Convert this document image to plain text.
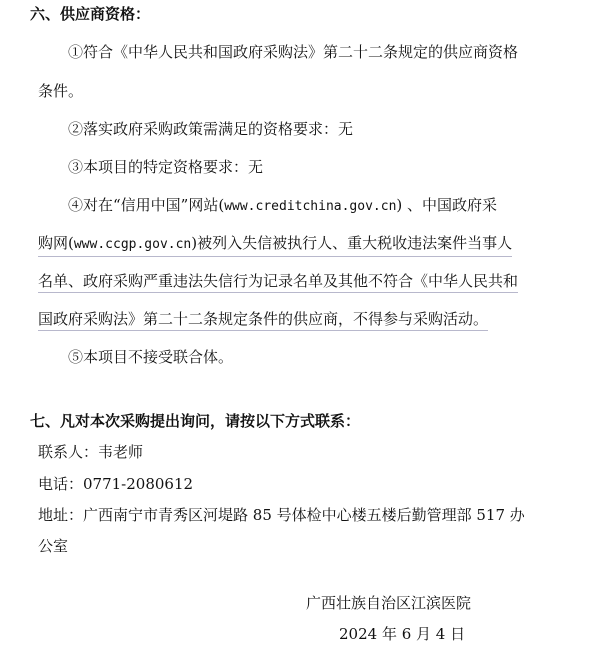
六、供应商资格：
①符合《中华人民共和国政府采购法》第二十二条规定的供应商资格
条件。
②落实政府采购政策需满足的资格要求：无
③本项目的特定资格要求：无
④对在“信用中国”网站(www.creditchina.gov.cn) 、中国政府采
购网(www.ccgp.gov.cn)被列入失信被执行人、重大税收违法案件当事人
名单、政府采购严重违法失信行为记录名单及其他不符合《中华人民共和
国政府采购法》第二十二条规定条件的供应商，不得参与采购活动。
⑤本项目不接受联合体。
七、凡对本次采购提出询问，请按以下方式联系：
联系人：韦老师
电话：0771-2080612
地址：广西南宁市青秀区河堤路 85 号体检中心楼五楼后勤管理部 517 办
公室
广西壮族自治区江滨医院
2024 年 6 月 4 日
